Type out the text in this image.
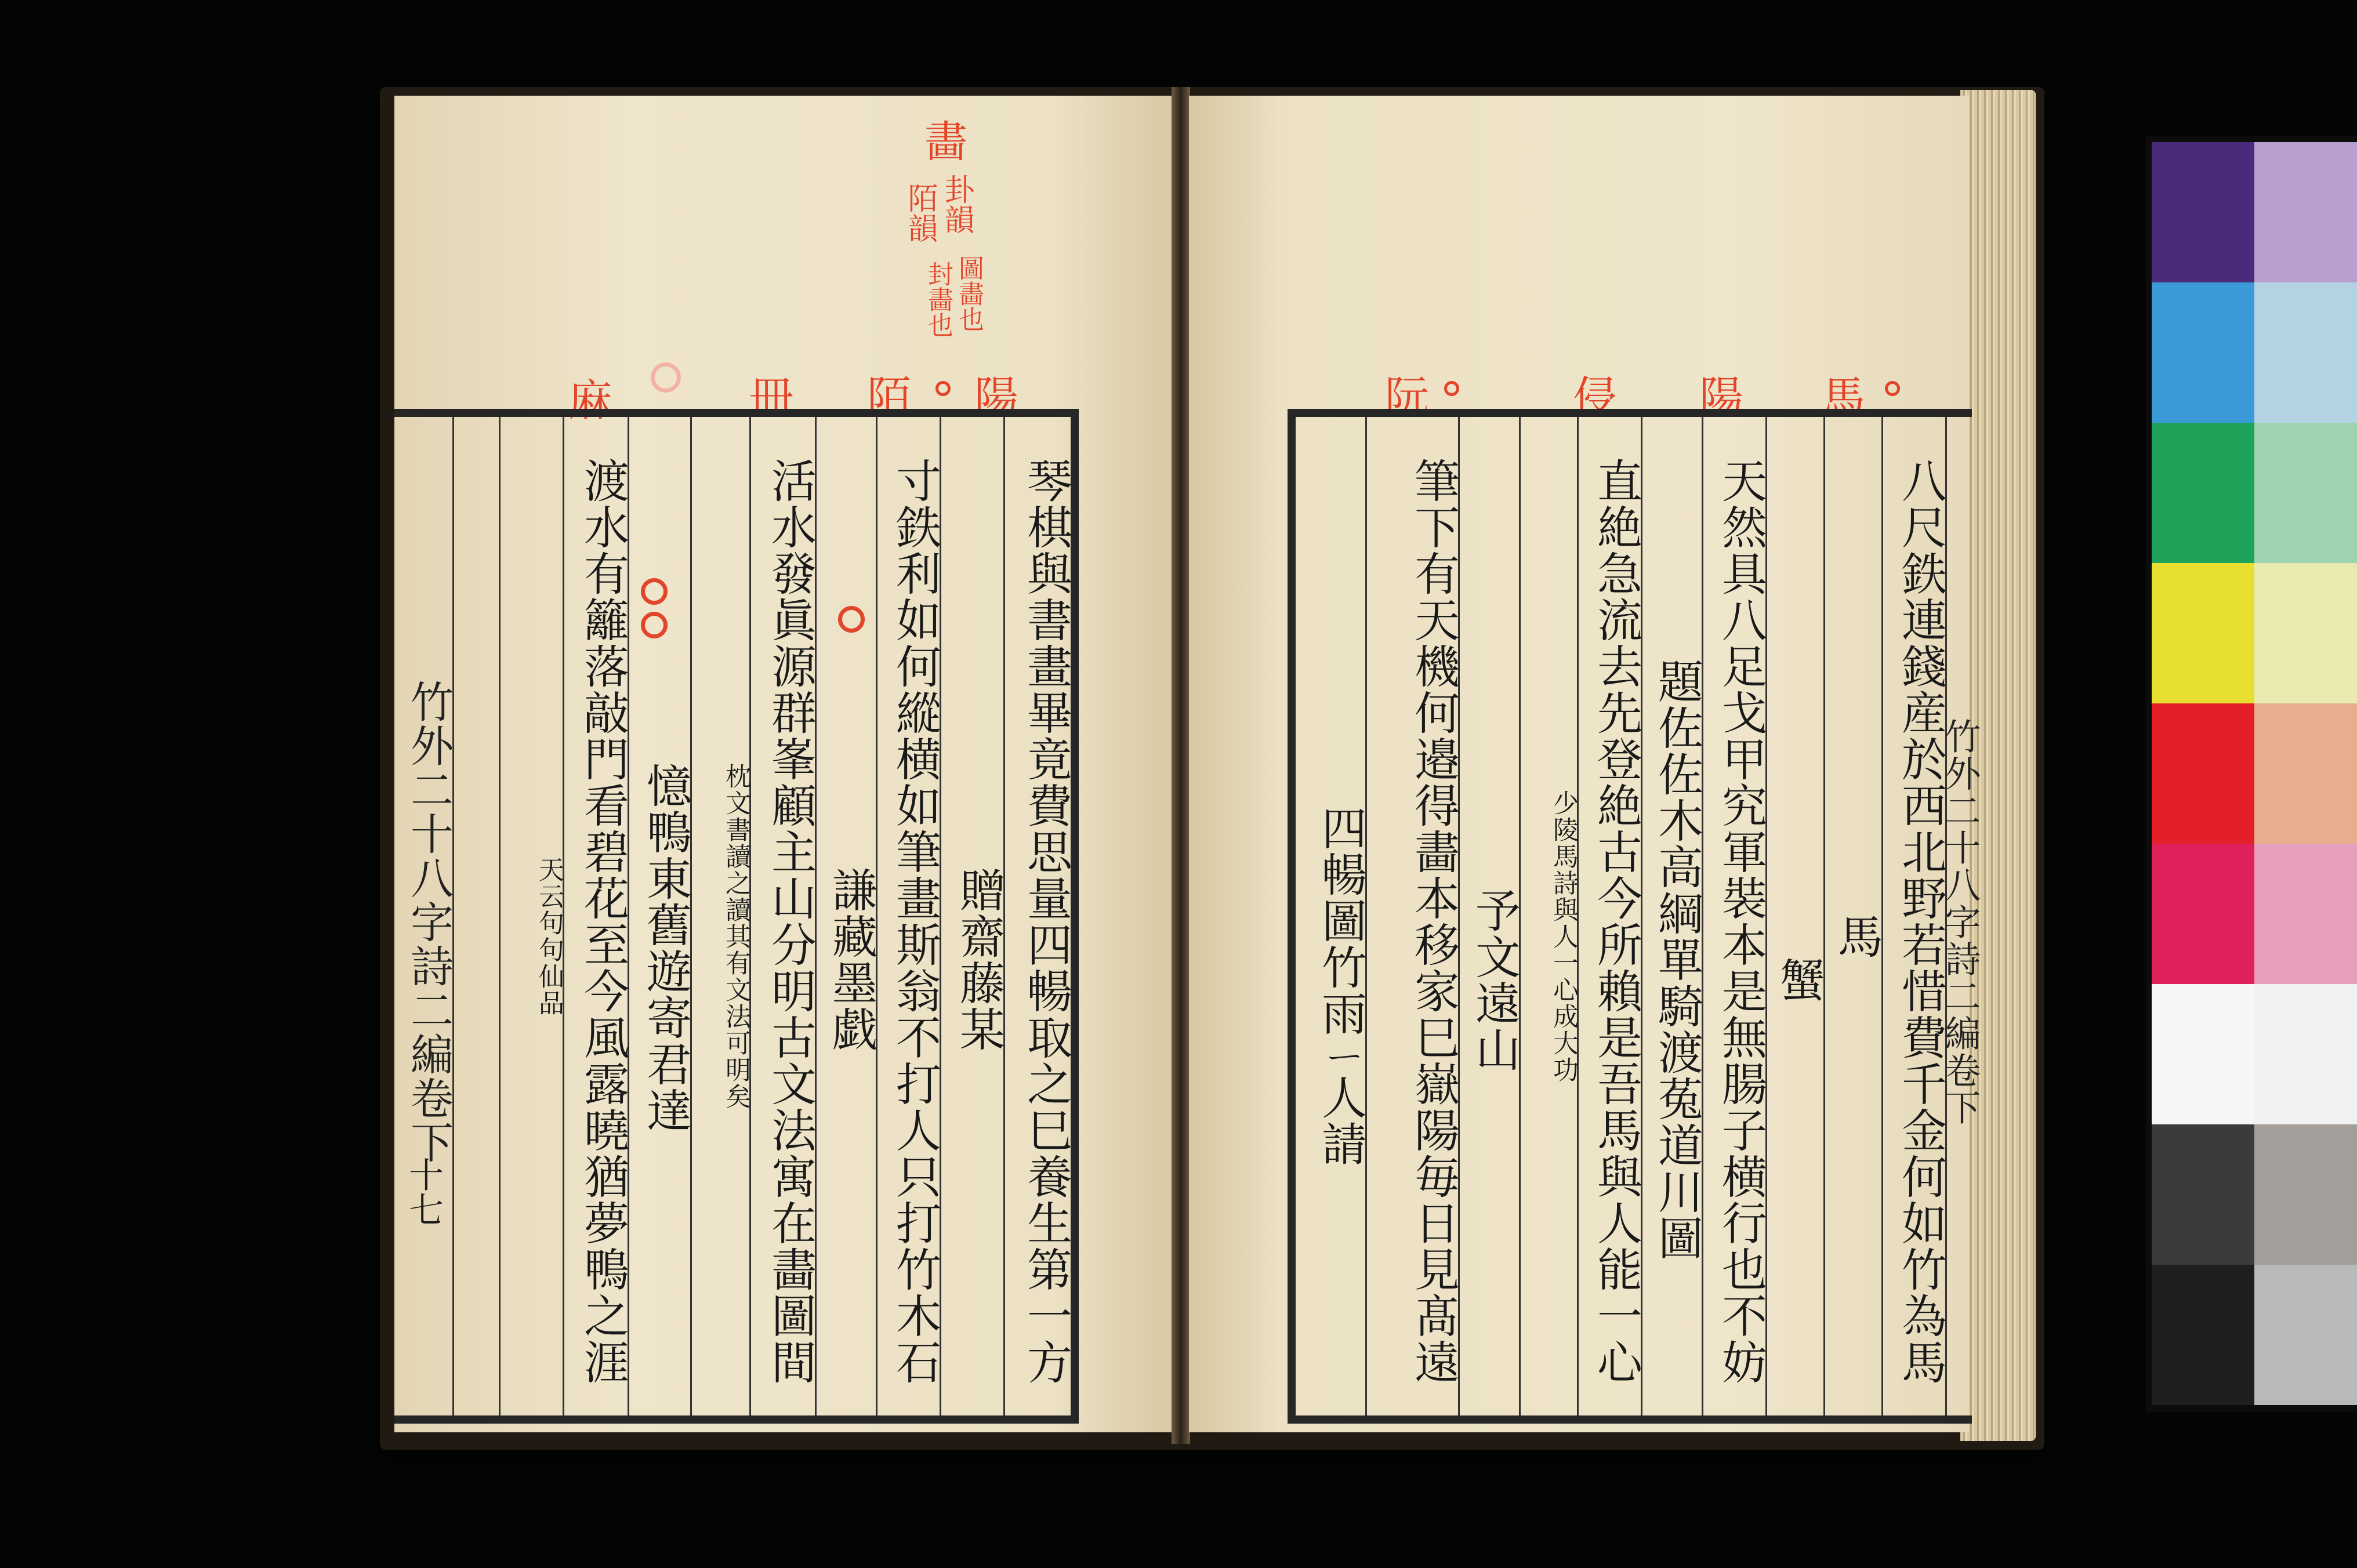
畵
卦韻
陌韻
圖畵也
封畵也
陽
陌
冊
麻
竹外二十八字詩二編卷下	琴棋與書畫畢竟費思量四暢取之巳養生第一方
贈齋藤某
寸鉄利如何縱横如筆畫斯翁不打人只打竹木石
謙藏墨戯
活水發眞源群峯顧主山分明古文法寓在畵圖間
枕文書讀之讀其有文法可明矣
憶鴨東舊遊寄君達
渡水有籬落敲門看碧花至今風露曉猶夢鴨之涯
天云句句仙品
十七
馬
陽
侵
阮
八尺鉄連錢産於西北野若惜費千金何如竹為馬
馬
蟹
天然具八足戈甲究軍裝本是無腸子横行也不妨
題佐佐木高綱單騎渡菟道川圖
直絶急流去先登絶古今所賴是吾馬與人能一心
少陵馬詩與人一心成大功
予文遠山
筆下有天機何邉得畵本移家巳嶽陽毎日見髙遠
四暢圖竹雨ㄧ人請	竹外二十八字詩二編卷下
